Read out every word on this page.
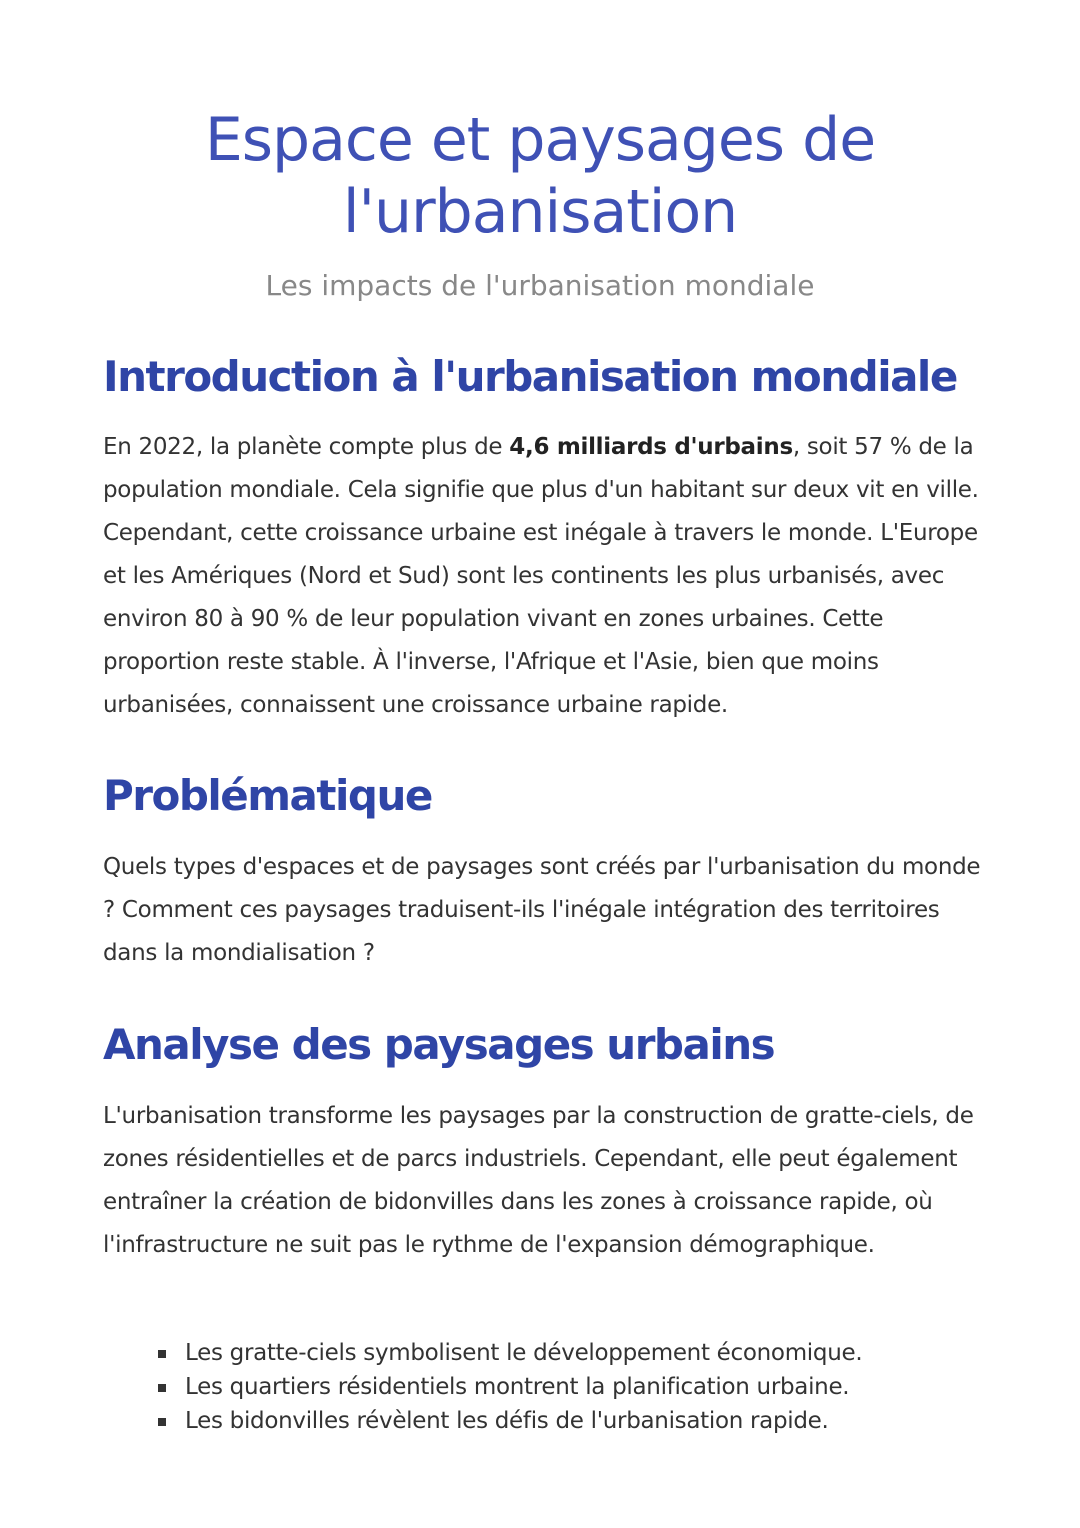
Espace et paysages de l'urbanisation

Les impacts de l'urbanisation mondiale

Introduction à l'urbanisation mondiale

En 2022, la planète compte plus de 4,6 milliards d'urbains, soit 57 % de la population mondiale. Cela signifie que plus d'un habitant sur deux vit en ville. Cependant, cette croissance urbaine est inégale à travers le monde. L'Europe et les Amériques (Nord et Sud) sont les continents les plus urbanisés, avec environ 80 à 90 % de leur population vivant en zones urbaines. Cette proportion reste stable. À l'inverse, l'Afrique et l'Asie, bien que moins urbanisées, connaissent une croissance urbaine rapide.

Problématique

Quels types d'espaces et de paysages sont créés par l'urbanisation du monde ? Comment ces paysages traduisent-ils l'inégale intégration des territoires dans la mondialisation ?

Analyse des paysages urbains

L'urbanisation transforme les paysages par la construction de gratte-ciels, de zones résidentielles et de parcs industriels. Cependant, elle peut également entraîner la création de bidonvilles dans les zones à croissance rapide, où l'infrastructure ne suit pas le rythme de l'expansion démographique.

Les gratte-ciels symbolisent le développement économique.
Les quartiers résidentiels montrent la planification urbaine.
Les bidonvilles révèlent les défis de l'urbanisation rapide.
